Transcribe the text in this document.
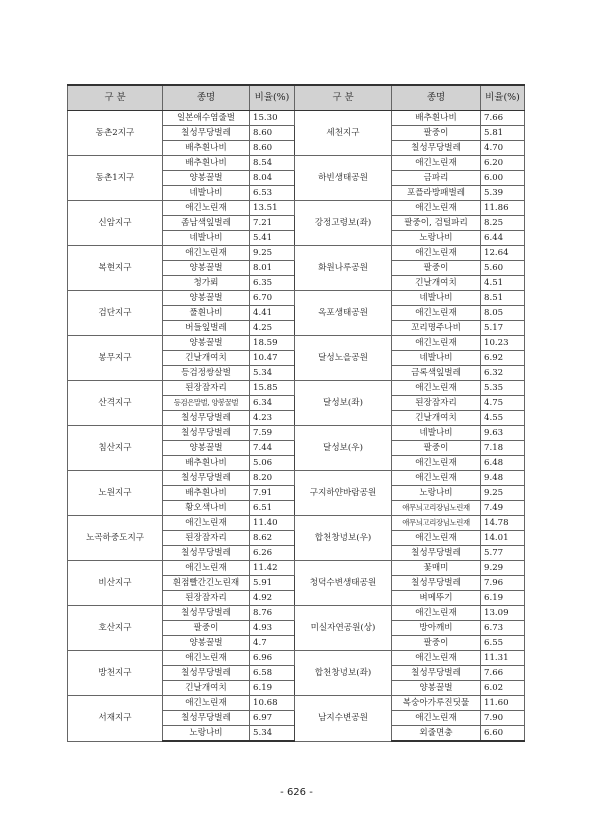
구 분	종명	비율(%)	구 분	종명	비율(%)
동촌2지구	일본애수염줄벌	15.30	세천지구	배추흰나비	7.66
	칠성무당벌레	8.60		팔중이	5.81
	배추흰나비	8.60		칠성무당벌레	4.70
동촌1지구	배추흰나비	8.54	하빈생태공원	애긴노린재	6.20
	양봉꿀벌	8.04		금파리	6.00
	네발나비	6.53		포플라방패벌레	5.39
신암지구	애긴노린재	13.51	강정고령보(좌)	애긴노린재	11.86
	좀남색잎벌레	7.21		팔중이, 검털파리	8.25
	네발나비	5.41		노랑나비	6.44
복현지구	애긴노린재	9.25	화원나루공원	애긴노린재	12.64
	양봉꿀벌	8.01		팔중이	5.60
	청가뢰	6.35		긴날개여치	4.51
검단지구	양봉꿀벌	6.70	옥포생태공원	네발나비	8.51
	풀흰나비	4.41		애긴노린재	8.05
	버들잎벌레	4.25		꼬리명주나비	5.17
봉무지구	양봉꿀벌	18.59	달성노을공원	애긴노린재	10.23
	긴날개여치	10.47		네발나비	6.92
	등검정쌍살벌	5.34		금록색잎벌레	6.32
산격지구	된장잠자리	15.85	달성보(좌)	애긴노린재	5.35
	등검은말벌, 양봉꿀벌	6.34		된장잠자리	4.75
	칠성무당벌레	4.23		긴날개여치	4.55
침산지구	칠성무당벌레	7.59	달성보(우)	네발나비	9.63
	양봉꿀벌	7.44		팔중이	7.18
	배추흰나비	5.06		애긴노린재	6.48
노원지구	칠성무당벌레	8.20	구지하얀바람공원	애긴노린재	9.48
	배추흰나비	7.91		노랑나비	9.25
	황오색나비	6.51		애무늬고리장님노린재	7.49
노곡하중도지구	애긴노린재	11.40	합천창녕보(우)	애무늬고리장님노린재	14.78
	된장잠자리	8.62		애긴노린재	14.01
	칠성무당벌레	6.26		칠성무당벌레	5.77
비산지구	애긴노린재	11.42	청덕수변생태공원	꽃매미	9.29
	흰점빨간긴노린재	5.91		칠성무당벌레	7.96
	된장잠자리	4.92		벼메뚜기	6.19
호산지구	칠성무당벌레	8.76	미실자연공원(상)	애긴노린재	13.09
	팔중이	4.93		방아깨비	6.73
	양봉꿀벌	4.7		팔중이	6.55
방천지구	애긴노린재	6.96	합천창녕보(좌)	애긴노린재	11.31
	칠성무당벌레	6.58		칠성무당벌레	7.66
	긴날개여치	6.19		양봉꿀벌	6.02
서재지구	애긴노린재	10.68	남지수변공원	복숭아가루진딧물	11.60
	칠성무당벌레	6.97		애긴노린재	7.90
	노랑나비	5.34		외줄면충	6.60
- 626 -
